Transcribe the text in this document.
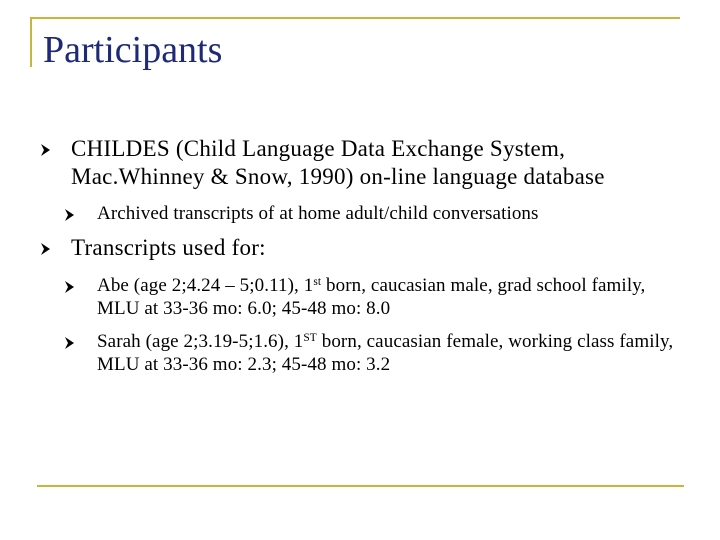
Participants
CHILDES (Child Language Data Exchange System, Mac.Whinney & Snow, 1990) on-line language database
Archived transcripts of at home adult/child conversations
Transcripts used for:
Abe (age 2;4.24 – 5;0.11), 1st born, caucasian male, grad school family, MLU at 33-36 mo: 6.0; 45-48 mo: 8.0
Sarah (age 2;3.19-5;1.6), 1ST born, caucasian female, working class family, MLU at 33-36 mo: 2.3; 45-48 mo: 3.2
